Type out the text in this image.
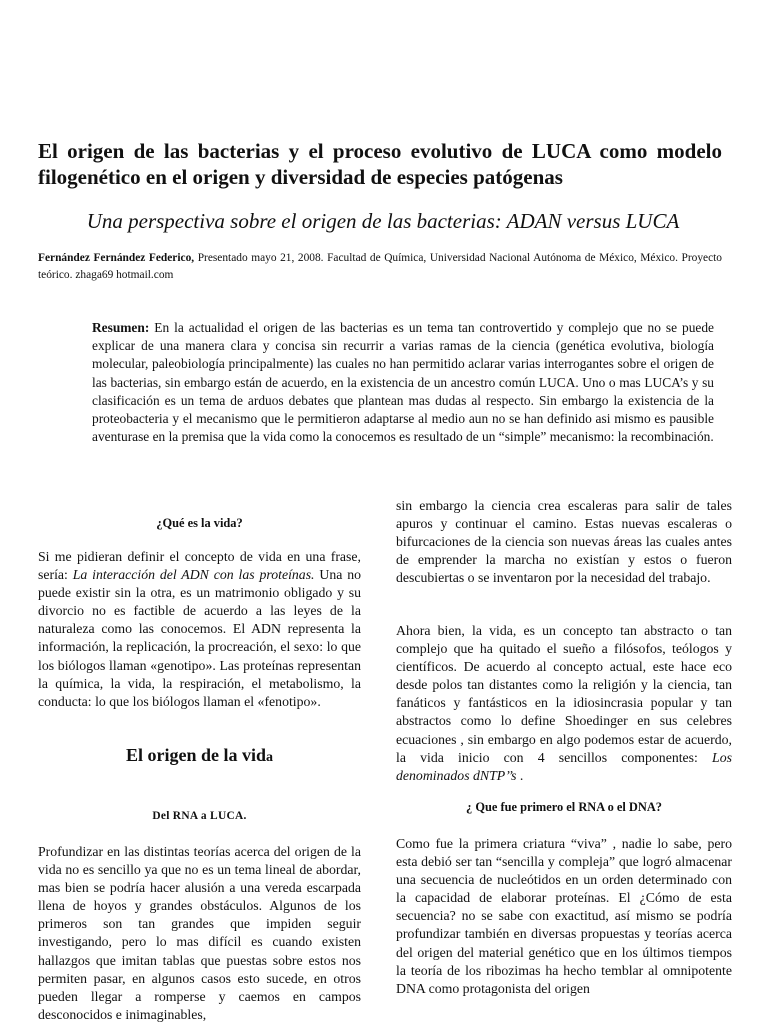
El origen de las bacterias y el proceso evolutivo de LUCA como modelo filogenético en el origen y diversidad de especies patógenas
Una perspectiva sobre el origen de las bacterias: ADAN versus LUCA
Fernández Fernández Federico, Presentado mayo 21, 2008. Facultad de Química, Universidad Nacional Autónoma de México, México. Proyecto teórico. zhaga69 hotmail.com
Resumen: En la actualidad el origen de las bacterias es un tema tan controvertido y complejo que no se puede explicar de una manera clara y concisa sin recurrir a varias ramas de la ciencia (genética evolutiva, biología molecular, paleobiología principalmente) las cuales no han permitido aclarar varias interrogantes sobre el origen de las bacterias, sin embargo están de acuerdo, en la existencia de un ancestro común LUCA. Uno o mas LUCA’s y su clasificación es un tema de arduos debates que plantean mas dudas al respecto. Sin embargo la existencia de la proteobacteria y el mecanismo que le permitieron adaptarse al medio aun no se han definido asi mismo es pausible aventurase en la premisa que la vida como la conocemos es resultado de un “simple” mecanismo: la recombinación.
¿Qué es la vida?

Si me pidieran definir el concepto de vida en una frase, sería: La interacción del ADN con las proteínas. Una no puede existir sin la otra, es un matrimonio obligado y su divorcio no es factible de acuerdo a las leyes de la naturaleza como las conocemos. El ADN representa la información, la replicación, la procreación, el sexo: lo que los biólogos llaman «genotipo». Las proteínas representan la química, la vida, la respiración, el metabolismo, la conducta: lo que los biólogos llaman el «fenotipo».

El origen de la vida
Del RNA a LUCA.

Profundizar en las distintas teorías acerca del origen de la vida no es sencillo ya que no es un tema lineal de abordar, mas bien se podría hacer alusión a una vereda escarpada llena de hoyos y grandes obstáculos. Algunos de los primeros son tan grandes que impiden seguir investigando, pero lo mas difícil es cuando existen hallazgos que imitan tablas que puestas sobre estos nos permiten pasar, en algunos casos esto sucede, en otros pueden llegar a romperse y caemos en campos desconocidos e inimaginables,

sin embargo la ciencia crea escaleras para salir de tales apuros y continuar el camino. Estas nuevas escaleras o bifurcaciones de la ciencia son nuevas áreas las cuales antes de emprender la marcha no existían y estos o fueron descubiertas o se inventaron por la necesidad del trabajo.

Ahora bien, la vida, es un concepto tan abstracto o tan complejo que ha quitado el sueño a filósofos, teólogos y científicos. De acuerdo al concepto actual, este hace eco desde polos tan distantes como la religión y la ciencia, tan fanáticos y fantásticos en la idiosincrasia popular y tan abstractos como lo define Shoedinger en sus celebres ecuaciones , sin embargo en algo podemos estar de acuerdo, la vida inicio con 4 sencillos componentes: Los denominados dNTP’’s .

¿ Que fue primero el RNA o el DNA?

Como fue la primera criatura “viva” , nadie lo sabe, pero esta debió ser tan “sencilla y compleja” que logró almacenar una secuencia de nucleótidos en un orden determinado con la capacidad de elaborar proteínas. El ¿Cómo de esta secuencia? no se sabe con exactitud, así mismo se podría profundizar también en diversas propuestas y teorías acerca del origen del material genético que en los últimos tiempos la teoría de los ribozimas ha hecho temblar al omnipotente DNA como protagonista del origen
